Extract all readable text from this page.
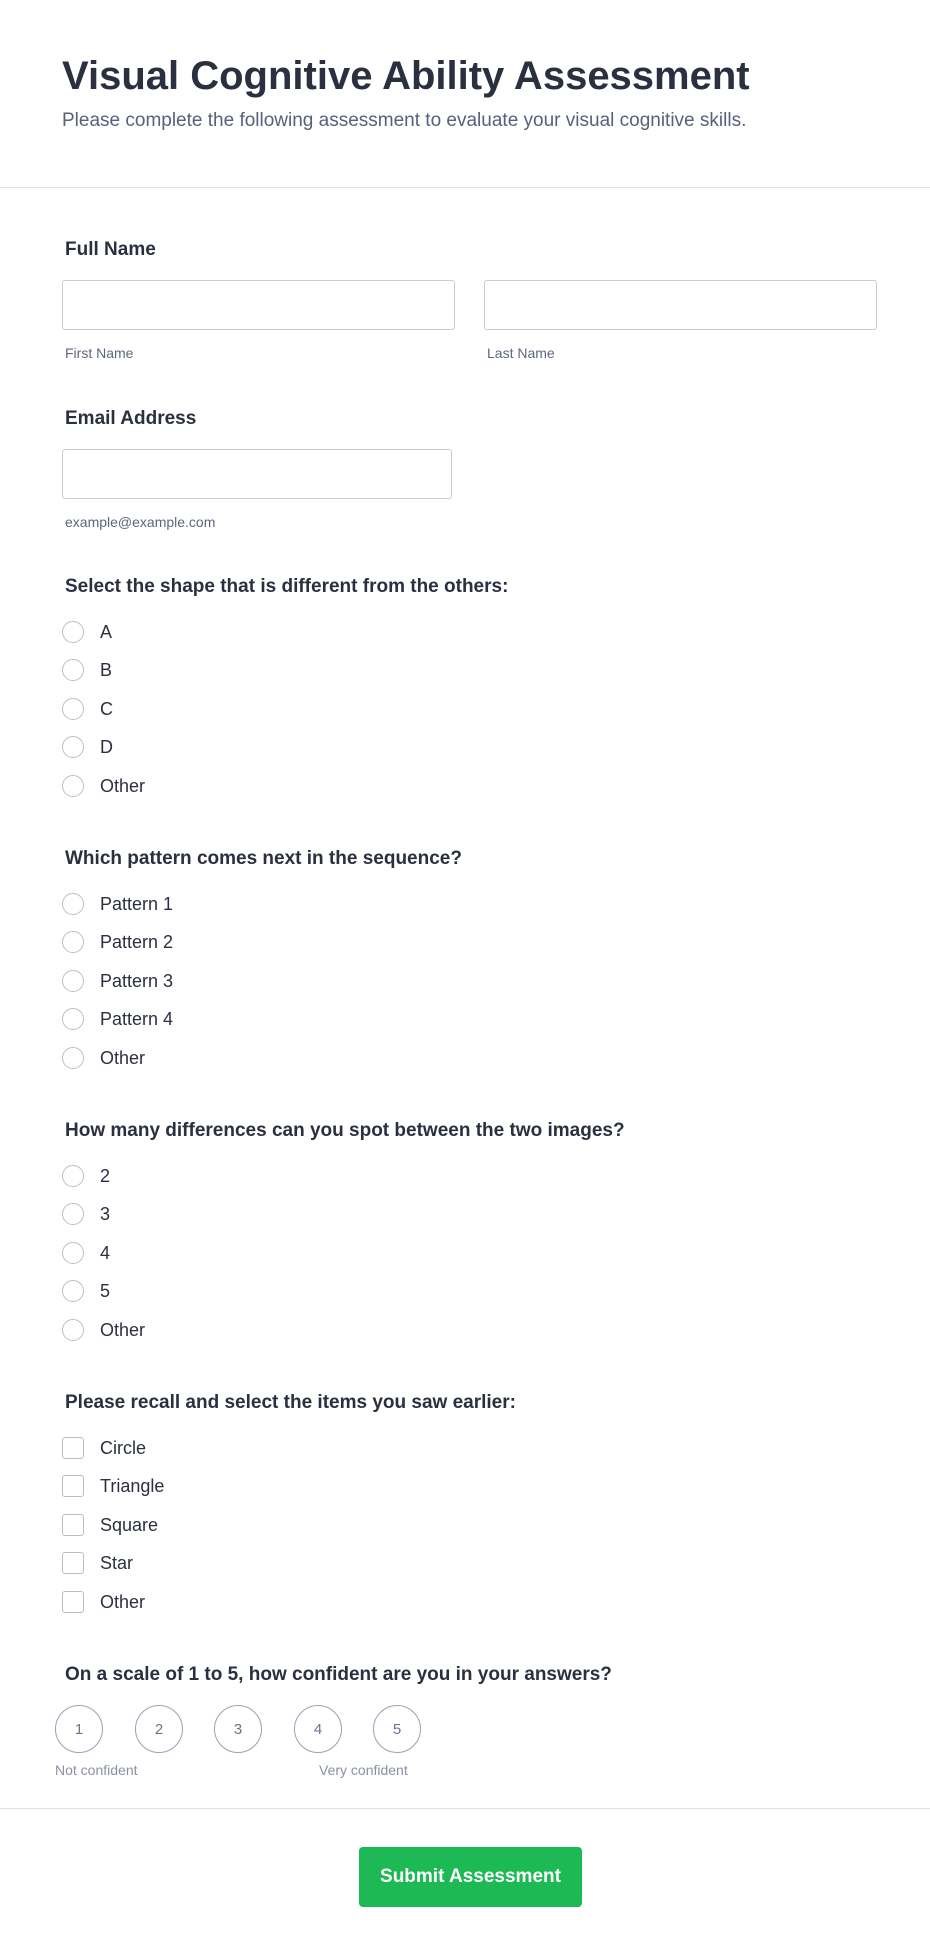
Visual Cognitive Ability Assessment

Please complete the following assessment to evaluate your visual cognitive skills.

Full Name
First Name	Last Name
Email Address
example@example.com
Select the shape that is different from the others:
A
B
C
D
Other
Which pattern comes next in the sequence?
Pattern 1
Pattern 2
Pattern 3
Pattern 4
Other
How many differences can you spot between the two images?
2
3
4
5
Other
Please recall and select the items you saw earlier:
Circle
Triangle
Square
Star
Other
On a scale of 1 to 5, how confident are you in your answers?
1	2	3	4	5
Not confident	Very confident
Submit Assessment
